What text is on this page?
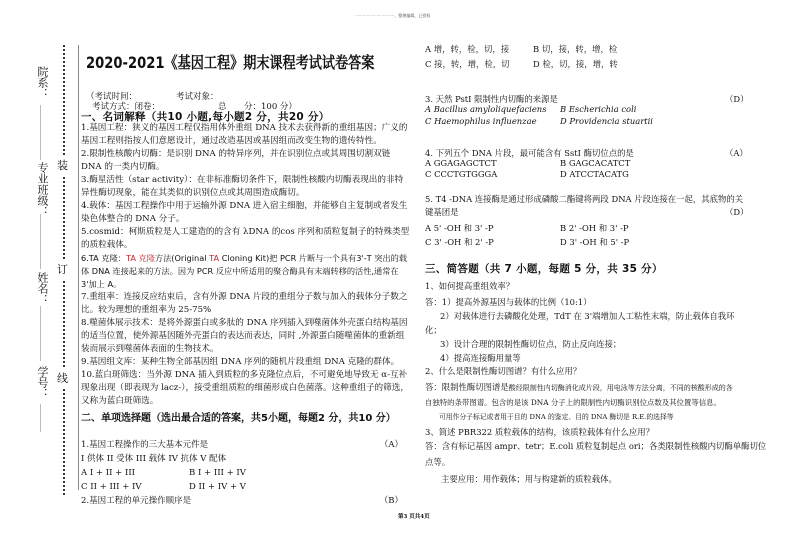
·······························，整理编辑，已授权
院系：
专业班级：
姓名：
学号：
装
订
线
2020-2021《基因工程》期末课程考试试卷答案
（考试时间：	考试对象：
考试方式：闭卷：	总 分：100 分）
一、名词解释（共10 小题,每小题2 分，共20 分）

1.基因工程：狭义的基因工程仅指用体外重组 DNA 技术去获得新的重组基因；广义的基因工程则指按人们意愿设计，通过改造基因或基因组而改变生物的遗传特性。

2.限制性核酸内切酶：是识别 DNA 的特异序列，并在识别位点或其周围切割双链 DNA 的一类内切酶。

3.酶星活性（star activity）：在非标准酶切条件下，限制性核酸内切酶表现出的非特异性酶切现象，能在其类似的识别位点或其周围造成酶切。

4.载体：基因工程操作中用于运输外源 DNA 进入宿主细胞，并能够自主复制或者发生染色体整合的 DNA 分子。

5.cosmid：柯斯质粒是人工建造的的含有 λDNA 的cos 序列和质粒复制子的特殊类型的质粒载体。

6.TA 克隆：TA 克隆方法(Original TA Cloning Kit)把 PCR 片断与一个具有3'-T 突出的载体 DNA 连接起来的方法。因为 PCR 反应中所适用的聚合酶具有末端转移的活性,通常在3'加上 A。

7.重组率：连接反应结束后，含有外源 DNA 片段的重组分子数与加入的载体分子数之比。较为理想的重组率为 25-75%

8.噬菌体展示技术：是将外源蛋白或多肽的 DNA 序列插入到噬菌体外壳蛋白结构基因的适当位置，使外源基因随外壳蛋白的表达而表达，同时 ,外源蛋白随噬菌体的重新组装而展示到噬菌体表面的生物技术。

9.基因组文库：某种生物全部基因组 DNA 序列的随机片段重组 DNA 克隆的群体。

10.蓝白斑筛选：当外源 DNA 插入到质粒的多克隆位点后，不可避免地导致无 α-互补现象出现（即表现为 lacz-），接受重组质粒的细菌形成白色菌落。这种重组子的筛选，又称为蓝白斑筛选。

二、单项选择题（选出最合适的答案，共5小题，每题2 分，共10 分）

1.基因工程操作的三大基本元件是	（A）
I 供体 II 受体 III 载体 IV 抗体 V 配体
A I + II + III	B I + III + IV
C II + III + IV	D II + IV + V
2.基因工程的单元操作顺序是	（B）
A 增，转，检，切，接	B 切，接，转，增，检
C 接，转，增，检，切	D 检，切，接，增，转
3. 天然 PstI 限制性内切酶的来源是	（D）
A Bacillus amyloliquefaciens B Escherichia coli
C Haemophilus influenzae	D Providencia stuartii
4. 下列五个 DNA 片段，最可能含有 SstI 酶切位点的是	（A）
A GGAGAGCTCT	B GAGCACATCT
C CCCTGTGGGA	D ATCCTACATG
5. T4 -DNA 连接酶是通过形成磷酸二酯键将两段 DNA 片段连接在一起，其底物的关
键基团是	（D）
A 5' -OH 和 3' -P	B 2' -OH 和 3' -P
C 3' -OH 和 2' -P	D 3' -OH 和 5' -P
三、简答题（共 7 小题，每题 5 分，共 35 分）
1、如何提高重组效率？
答：1）提高外源基因与载体的比例（10:1）
2）对载体进行去磷酸化处理，TdT 在 3'端增加人工粘性末端，防止载体自我环
化；
3）设计合理的限制性酶切位点，防止反向连接；
4）提高连接酶用量等
2、什么是限制性酶切图谱？有什么应用？
答：限制性酶切图谱是酸经限制性内切酶消化成片段，用电泳等方法分离，不同的核酸形成的各
自独特的条带图谱。包含的是该 DNA 分子上的限制性内切酶识别位点数及其位置等信息。
可用作分子标记或者用于目的 DNA 的鉴定、目的 DNA 酶切是 R.E.的选择等
3、简述 PBR322 质粒载体的结构，该质粒载体有什么应用？
答：含有标记基因 ampr、tetr；E.coli 质粒复制起点 ori；各类限制性核酸内切酶单酶切位
点等。
主要应用：用作载体；用与构建新的质粒载体。
第3 页共4页
